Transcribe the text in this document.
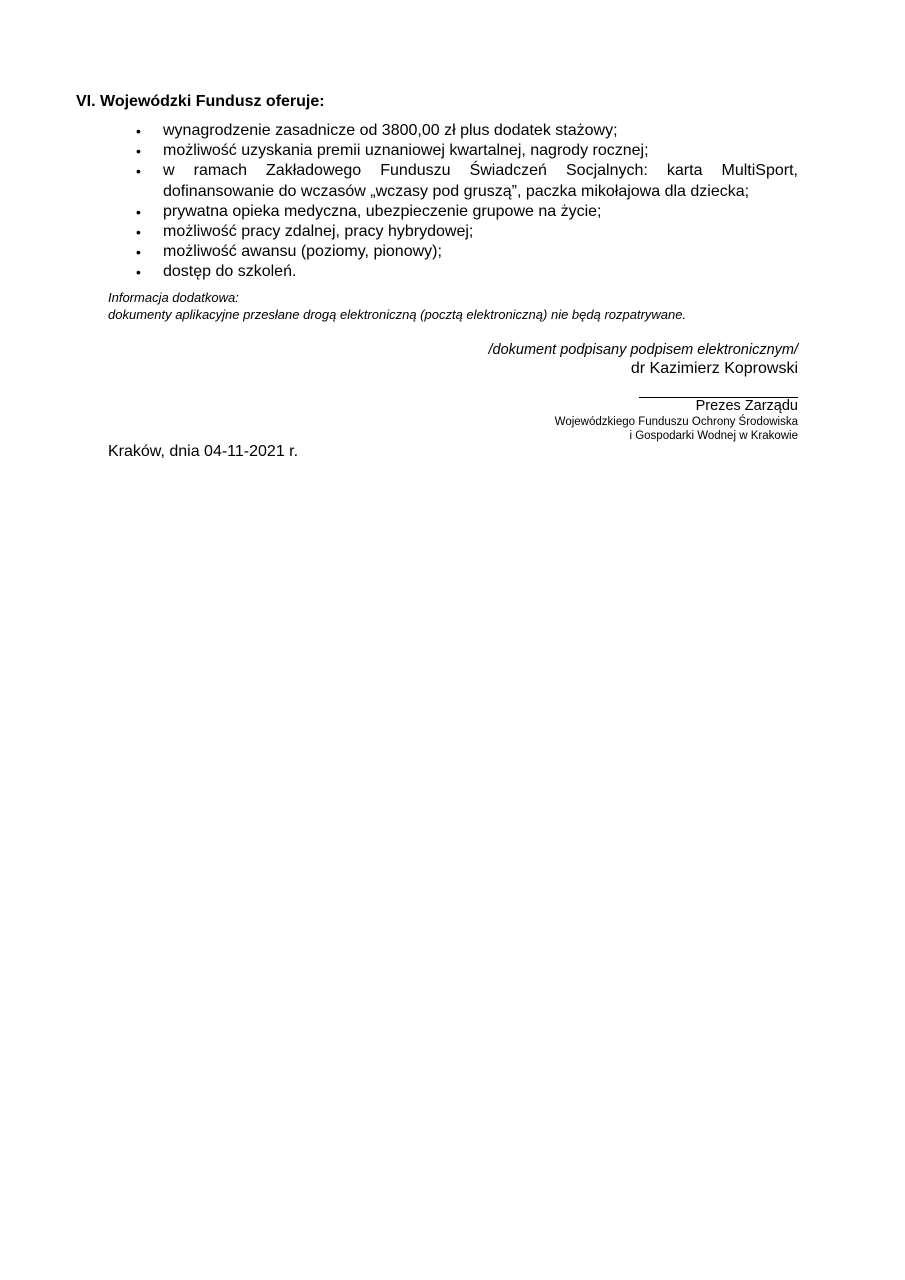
VI. Wojewódzki Fundusz oferuje:
• wynagrodzenie zasadnicze od 3800,00 zł plus dodatek stażowy;
• możliwość uzyskania premii uznaniowej kwartalnej, nagrody rocznej;
• w ramach Zakładowego Funduszu Świadczeń Socjalnych: karta MultiSport, dofinansowanie do wczasów „wczasy pod gruszą”, paczka mikołajowa dla dziecka;
• prywatna opieka medyczna, ubezpieczenie grupowe na życie;
• możliwość pracy zdalnej, pracy hybrydowej;
• możliwość awansu (poziomy, pionowy);
• dostęp do szkoleń.
Informacja dodatkowa:
dokumenty aplikacyjne przesłane drogą elektroniczną (pocztą elektroniczną) nie będą rozpatrywane.
/dokument podpisany podpisem elektronicznym/
dr Kazimierz Koprowski
Prezes Zarządu
Wojewódzkiego Funduszu Ochrony Środowiska
i Gospodarki Wodnej w Krakowie
Kraków, dnia 04-11-2021 r.
